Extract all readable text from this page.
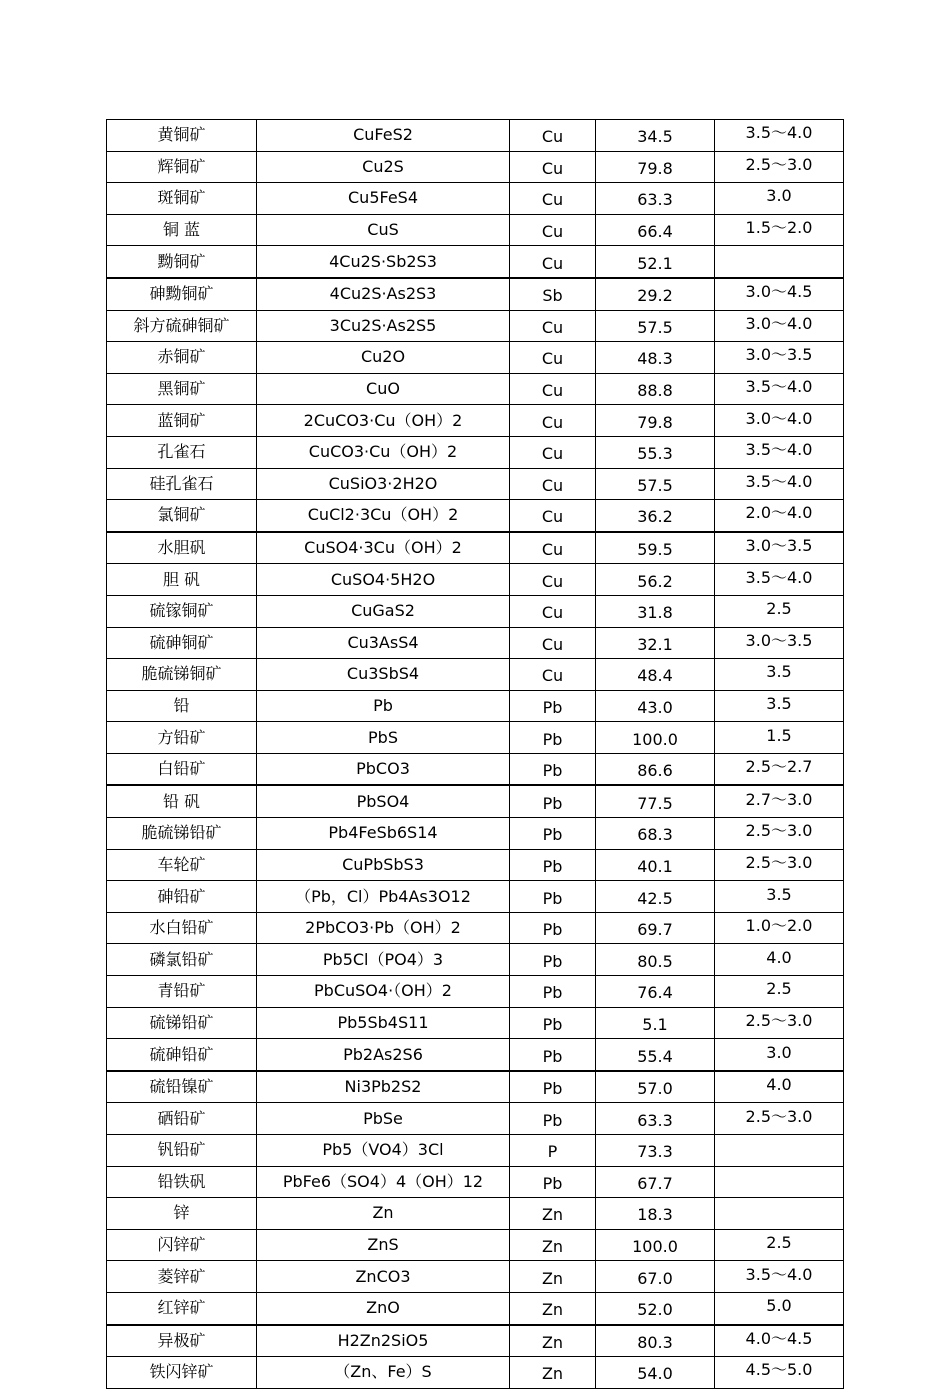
黄铜矿	CuFeS2	Cu	34.5	3.5～4.0
辉铜矿	Cu2S	Cu	79.8	2.5～3.0
斑铜矿	Cu5FeS4	Cu	63.3	3.0
铜 蓝	CuS	Cu	66.4	1.5～2.0
黝铜矿	4Cu2S·Sb2S3	Cu	52.1	
砷黝铜矿	4Cu2S·As2S3	Sb	29.2	3.0～4.5
斜方硫砷铜矿	3Cu2S·As2S5	Cu	57.5	3.0～4.0
赤铜矿	Cu2O	Cu	48.3	3.0～3.5
黑铜矿	CuO	Cu	88.8	3.5～4.0
蓝铜矿	2CuCO3·Cu（OH）2	Cu	79.8	3.0～4.0
孔雀石	CuCO3·Cu（OH）2	Cu	55.3	3.5～4.0
硅孔雀石	CuSiO3·2H2O	Cu	57.5	3.5～4.0
氯铜矿	CuCl2·3Cu（OH）2	Cu	36.2	2.0～4.0
水胆矾	CuSO4·3Cu（OH）2	Cu	59.5	3.0～3.5
胆 矾	CuSO4·5H2O	Cu	56.2	3.5～4.0
硫镓铜矿	CuGaS2	Cu	31.8	2.5
硫砷铜矿	Cu3AsS4	Cu	32.1	3.0～3.5
脆硫锑铜矿	Cu3SbS4	Cu	48.4	3.5
铅	Pb	Pb	43.0	3.5
方铅矿	PbS	Pb	100.0	1.5
白铅矿	PbCO3	Pb	86.6	2.5～2.7
铅 矾	PbSO4	Pb	77.5	2.7～3.0
脆硫锑铅矿	Pb4FeSb6S14	Pb	68.3	2.5～3.0
车轮矿	CuPbSbS3	Pb	40.1	2.5～3.0
砷铅矿	（Pb，Cl）Pb4As3O12	Pb	42.5	3.5
水白铅矿	2PbCO3·Pb（OH）2	Pb	69.7	1.0～2.0
磷氯铅矿	Pb5Cl（PO4）3	Pb	80.5	4.0
青铅矿	PbCuSO4·（OH）2	Pb	76.4	2.5
硫锑铅矿	Pb5Sb4S11	Pb	5.1	2.5～3.0
硫砷铅矿	Pb2As2S6	Pb	55.4	3.0
硫铅镍矿	Ni3Pb2S2	Pb	57.0	4.0
硒铅矿	PbSe	Pb	63.3	2.5～3.0
钒铅矿	Pb5（VO4）3Cl	P	73.3	
铅铁矾	PbFe6（SO4）4（OH）12	Pb	67.7	
锌	Zn	Zn	18.3	
闪锌矿	ZnS	Zn	100.0	2.5
菱锌矿	ZnCO3	Zn	67.0	3.5～4.0
红锌矿	ZnO	Zn	52.0	5.0
异极矿	H2Zn2SiO5	Zn	80.3	4.0～4.5
铁闪锌矿	（Zn、Fe）S	Zn	54.0	4.5～5.0
